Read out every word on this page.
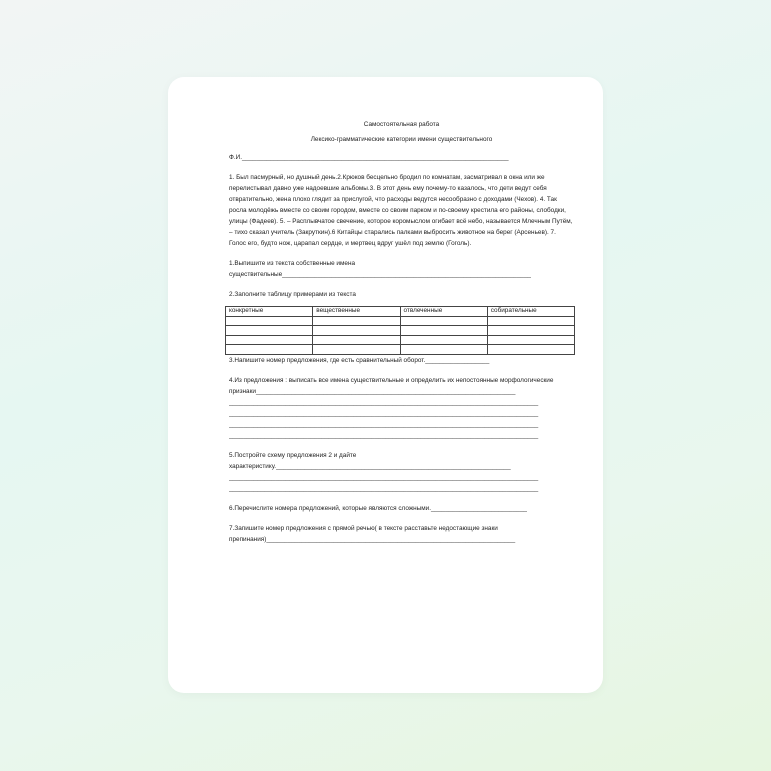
Самостоятельная работа
Лексико-грамматические категории имени существительного
Ф.И.___________________________________________________________________________
1. Был пасмурный, но душный день.2.Крюков бесцельно бродил по комнатам, засматривал в окна или же перелистывал давно уже надоевшие альбомы.3. В этот день ему почему-то казалось, что дети ведут себя отвратительно, жена плохо глядит за прислугой, что расходы ведутся несообразно с доходами (Чехов). 4. Так росла молодёжь вместе со своим городом, вместе со своим парком и по-своему крестила его районы, слободки, улицы (Фадеев). 5. – Расплывчатое свечение, которое коромыслом огибает всё небо, называется Млечным Путём, – тихо сказал учитель (Закруткин).6 Китайцы старались палками выбросить животное на берег (Арсеньев). 7. Голос его, будто нож, царапал сердце, и мертвец вдруг ушёл под землю (Гоголь).
1.Выпишите из текста собственные имена
существительные______________________________________________________________________
2.Заполните таблицу примерами из текста
конкретные	вещественные	отвлеченные	собирательные

3.Напишите номер предложения, где есть сравнительный оборот.__________________
4.Из предложения : выписать все имена существительные и определить их непостоянные морфологические
признаки_________________________________________________________________________
_______________________________________________________________________________________
_______________________________________________________________________________________
_______________________________________________________________________________________
_______________________________________________________________________________________
5.Постройте схему предложения 2 и дайте
характеристику.__________________________________________________________________
_______________________________________________________________________________________
_______________________________________________________________________________________
6.Перечислите номера предложений, которые являются сложными.___________________________
7.Запишите номер предложения с прямой речью( в тексте расставьте недостающие знаки
препинания)______________________________________________________________________
